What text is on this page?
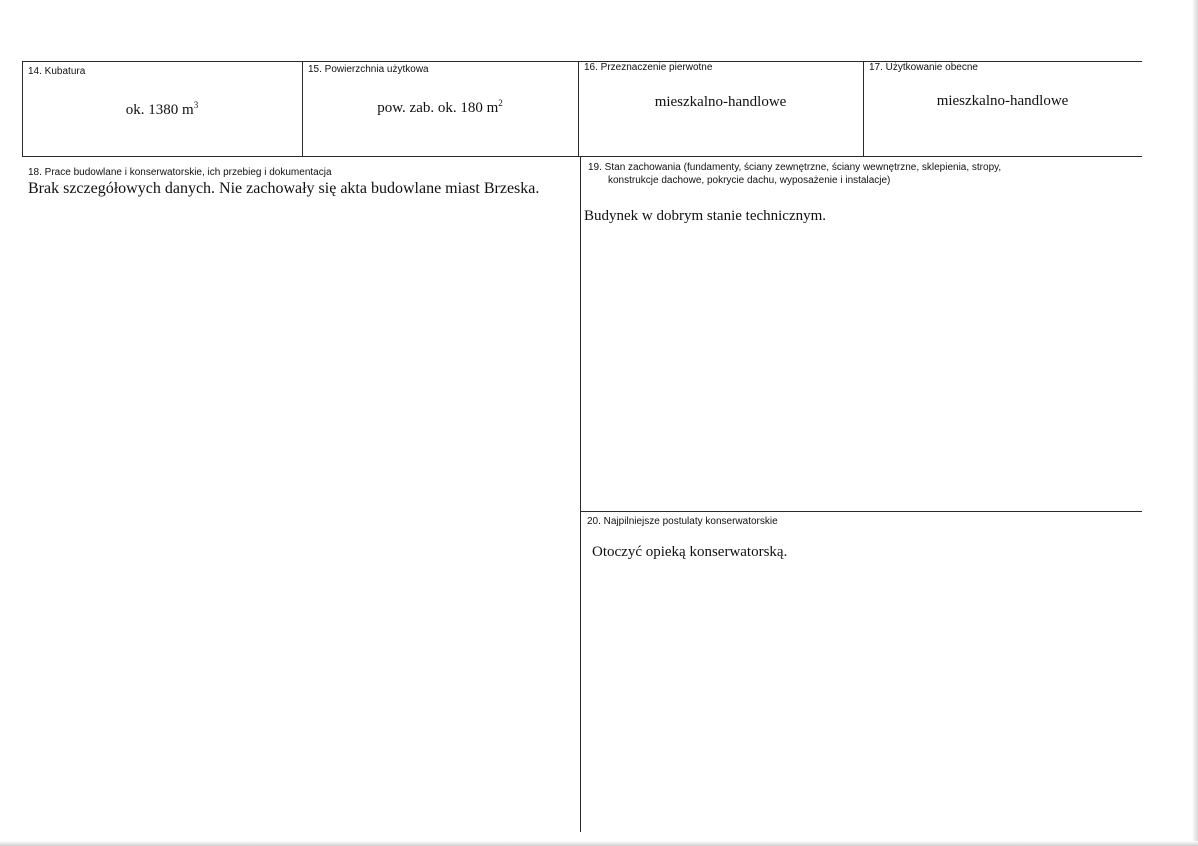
14. Kubatura
ok. 1380 $m^3$
15. Powierzchnia użytkowa
pow. zab. ok. 180 $m^2$
16. Przeznaczenie pierwotne
mieszkalno-handlowe
17. Użytkowanie obecne
mieszkalno-handlowe
18. Prace budowlane i konserwatorskie, ich przebieg i dokumentacja
Brak szczegółowych danych. Nie zachowały się akta budowlane miast Brzeska.
19. Stan zachowania (fundamenty, ściany zewnętrzne, ściany wewnętrzne, sklepienia, stropy,
konstrukcje dachowe, pokrycie dachu, wyposażenie i instalacje)
Budynek w dobrym stanie technicznym.
20. Najpilniejsze postulaty konserwatorskie
Otoczyć opieką konserwatorską.
